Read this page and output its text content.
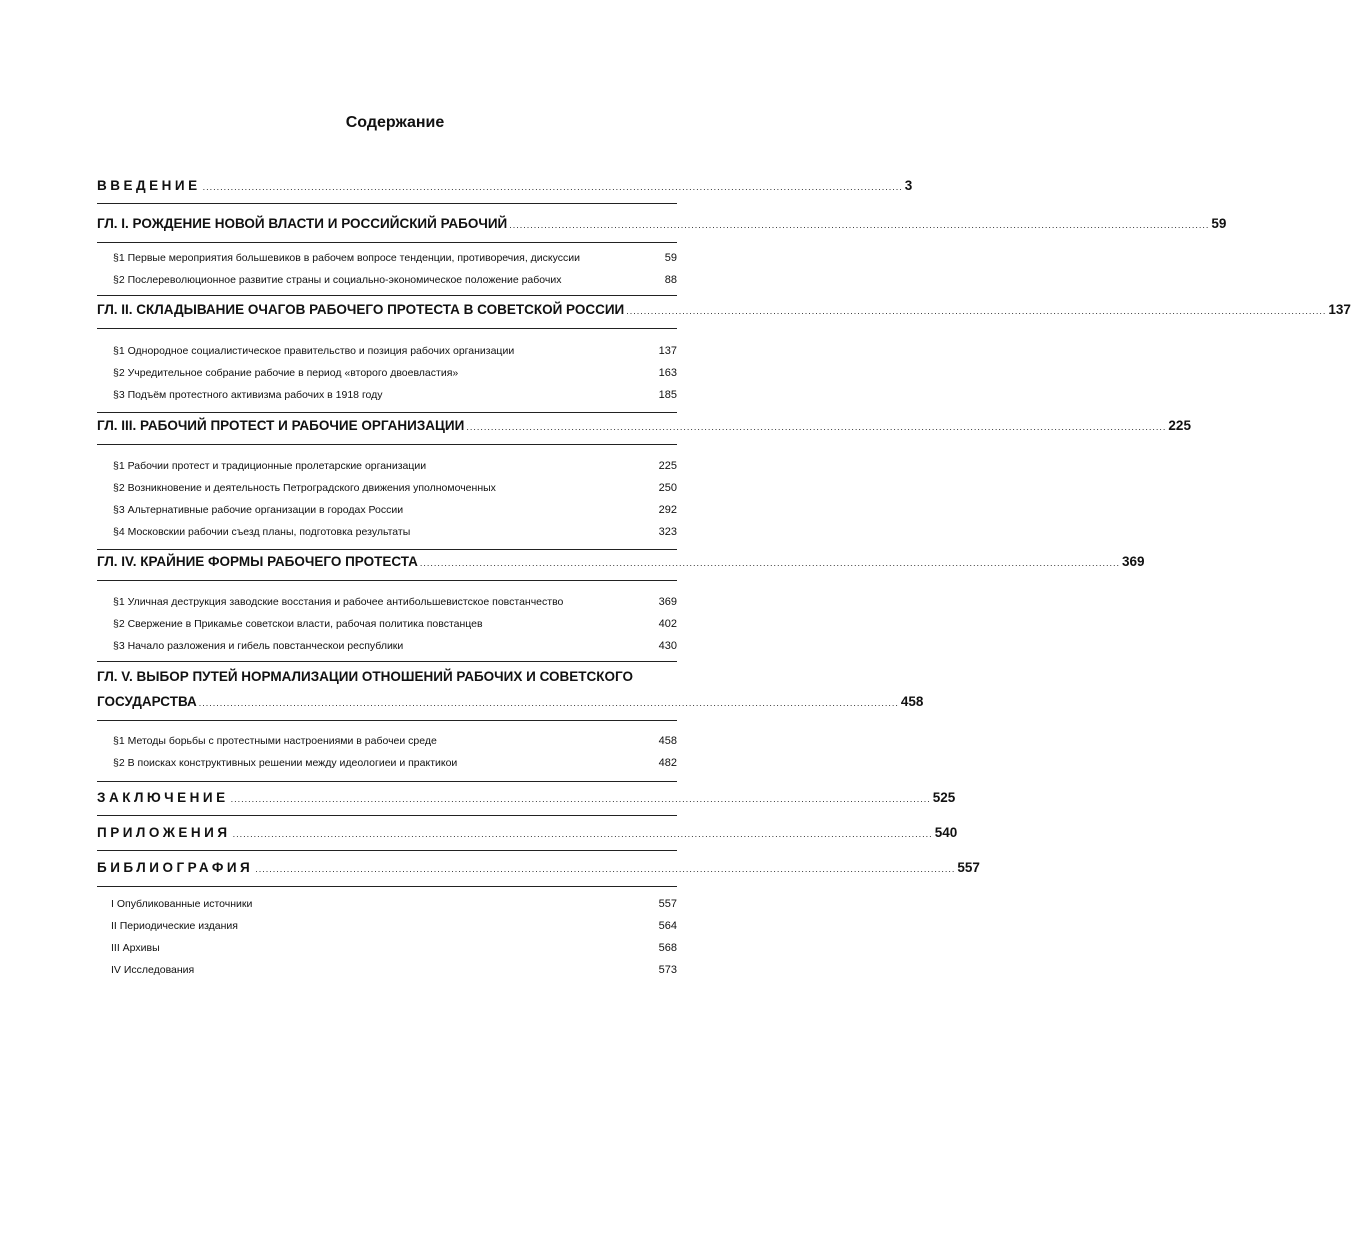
Содержание
ВВЕДЕНИЕ ........................................................................................................................................................................................................ 3
ГЛ. I. РОЖДЕНИЕ НОВОЙ ВЛАСТИ И РОССИЙСКИЙ РАБОЧИЙ ........................................................................................................................................................................................................ 59
§1 Первые мероприятия большевиков в рабочем вопросе тенденции, противоречия, дискуссии	59
§2 Послереволюционное развитие страны и социально-экономическое положение рабочих	88
ГЛ. II. СКЛАДЫВАНИЕ ОЧАГОВ РАБОЧЕГО ПРОТЕСТА В СОВЕТСКОЙ РОССИИ ........................................................................................................................................................................................................ 137
§1 Однородное социалистическое правительство и позиция рабочих организации	137
§2 Учредительное собрание рабочие в период «второго двоевластия»	163
§3 Подъём протестного активизма рабочих в 1918 году	185
ГЛ. III. РАБОЧИЙ ПРОТЕСТ И РАБОЧИЕ ОРГАНИЗАЦИИ ........................................................................................................................................................................................................ 225
§1 Рабочии протест и традиционные пролетарские организации	225
§2 Возникновение и деятельность Петроградского движения уполномоченных	250
§3 Альтернативные рабочие организации в городах России	292
§4 Московскии рабочии съезд планы, подготовка результаты	323
ГЛ. IV. КРАЙНИЕ ФОРМЫ РАБОЧЕГО ПРОТЕСТА ........................................................................................................................................................................................................ 369
§1 Уличная деструкция заводские восстания и рабочее антибольшевистское повстанчество	369
§2 Свержение в Прикамье советскои власти, рабочая политика повстанцев	402
§3 Начало разложения и гибель повстанческои республики	430
ГЛ. V. ВЫБОР ПУТЕЙ НОРМАЛИЗАЦИИ ОТНОШЕНИЙ РАБОЧИХ И СОВЕТСКОГО
ГОСУДАРСТВА ........................................................................................................................................................................................................ 458
§1 Методы борьбы с протестными настроениями в рабочеи среде	458
§2 В поисках конструктивных решении между идеологиеи и практикои	482
ЗАКЛЮЧЕНИЕ ........................................................................................................................................................................................................ 525
ПРИЛОЖЕНИЯ ........................................................................................................................................................................................................ 540
БИБЛИОГРАФИЯ ........................................................................................................................................................................................................ 557
I Опубликованные источники	557
II Периодические издания	564
III Архивы	568
IV Исследования	573
